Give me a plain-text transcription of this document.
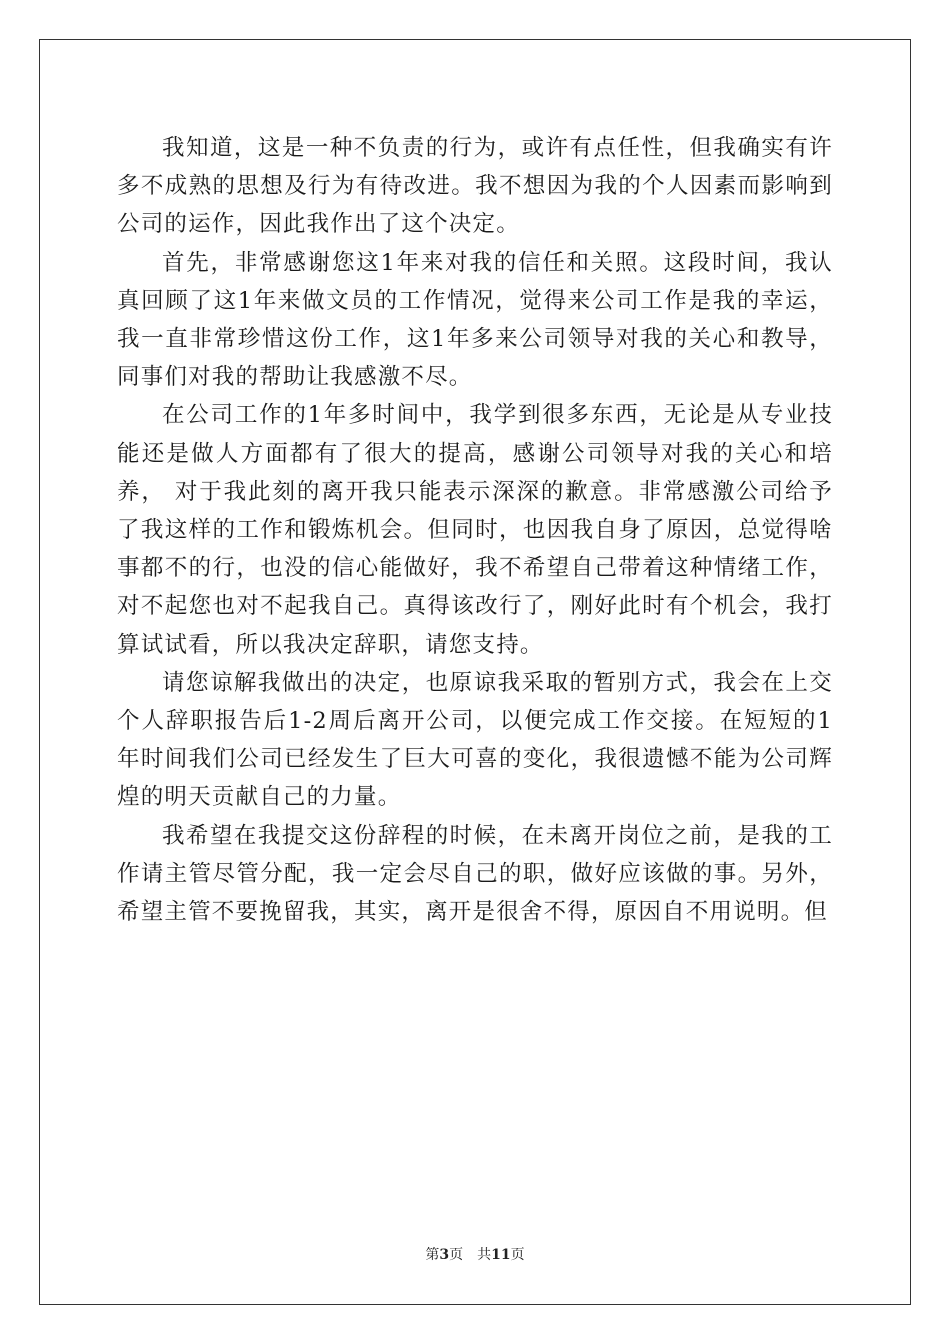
我知道，这是一种不负责的行为，或许有点任性，但我确实有许多不成熟的思想及行为有待改进。我不想因为我的个人因素而影响到公司的运作，因此我作出了这个决定。

首先，非常感谢您这1年来对我的信任和关照。这段时间，我认真回顾了这1年来做文员的工作情况，觉得来公司工作是我的幸运，我一直非常珍惜这份工作，这1年多来公司领导对我的关心和教导，同事们对我的帮助让我感激不尽。

在公司工作的1年多时间中，我学到很多东西，无论是从专业技能还是做人方面都有了很大的提高，感谢公司领导对我的关心和培养， 对于我此刻的离开我只能表示深深的歉意。非常感激公司给予了我这样的工作和锻炼机会。但同时，也因我自身了原因，总觉得啥事都不的行，也没的信心能做好，我不希望自己带着这种情绪工作，对不起您也对不起我自己。真得该改行了，刚好此时有个机会，我打算试试看，所以我决定辞职，请您支持。

请您谅解我做出的决定，也原谅我采取的暂别方式，我会在上交个人辞职报告后1-2周后离开公司，以便完成工作交接。在短短的1年时间我们公司已经发生了巨大可喜的变化，我很遗憾不能为公司辉煌的明天贡献自己的力量。

我希望在我提交这份辞程的时候，在未离开岗位之前，是我的工作请主管尽管分配，我一定会尽自己的职，做好应该做的事。另外，希望主管不要挽留我，其实，离开是很舍不得，原因自不用说明。但

第3页 共11页
